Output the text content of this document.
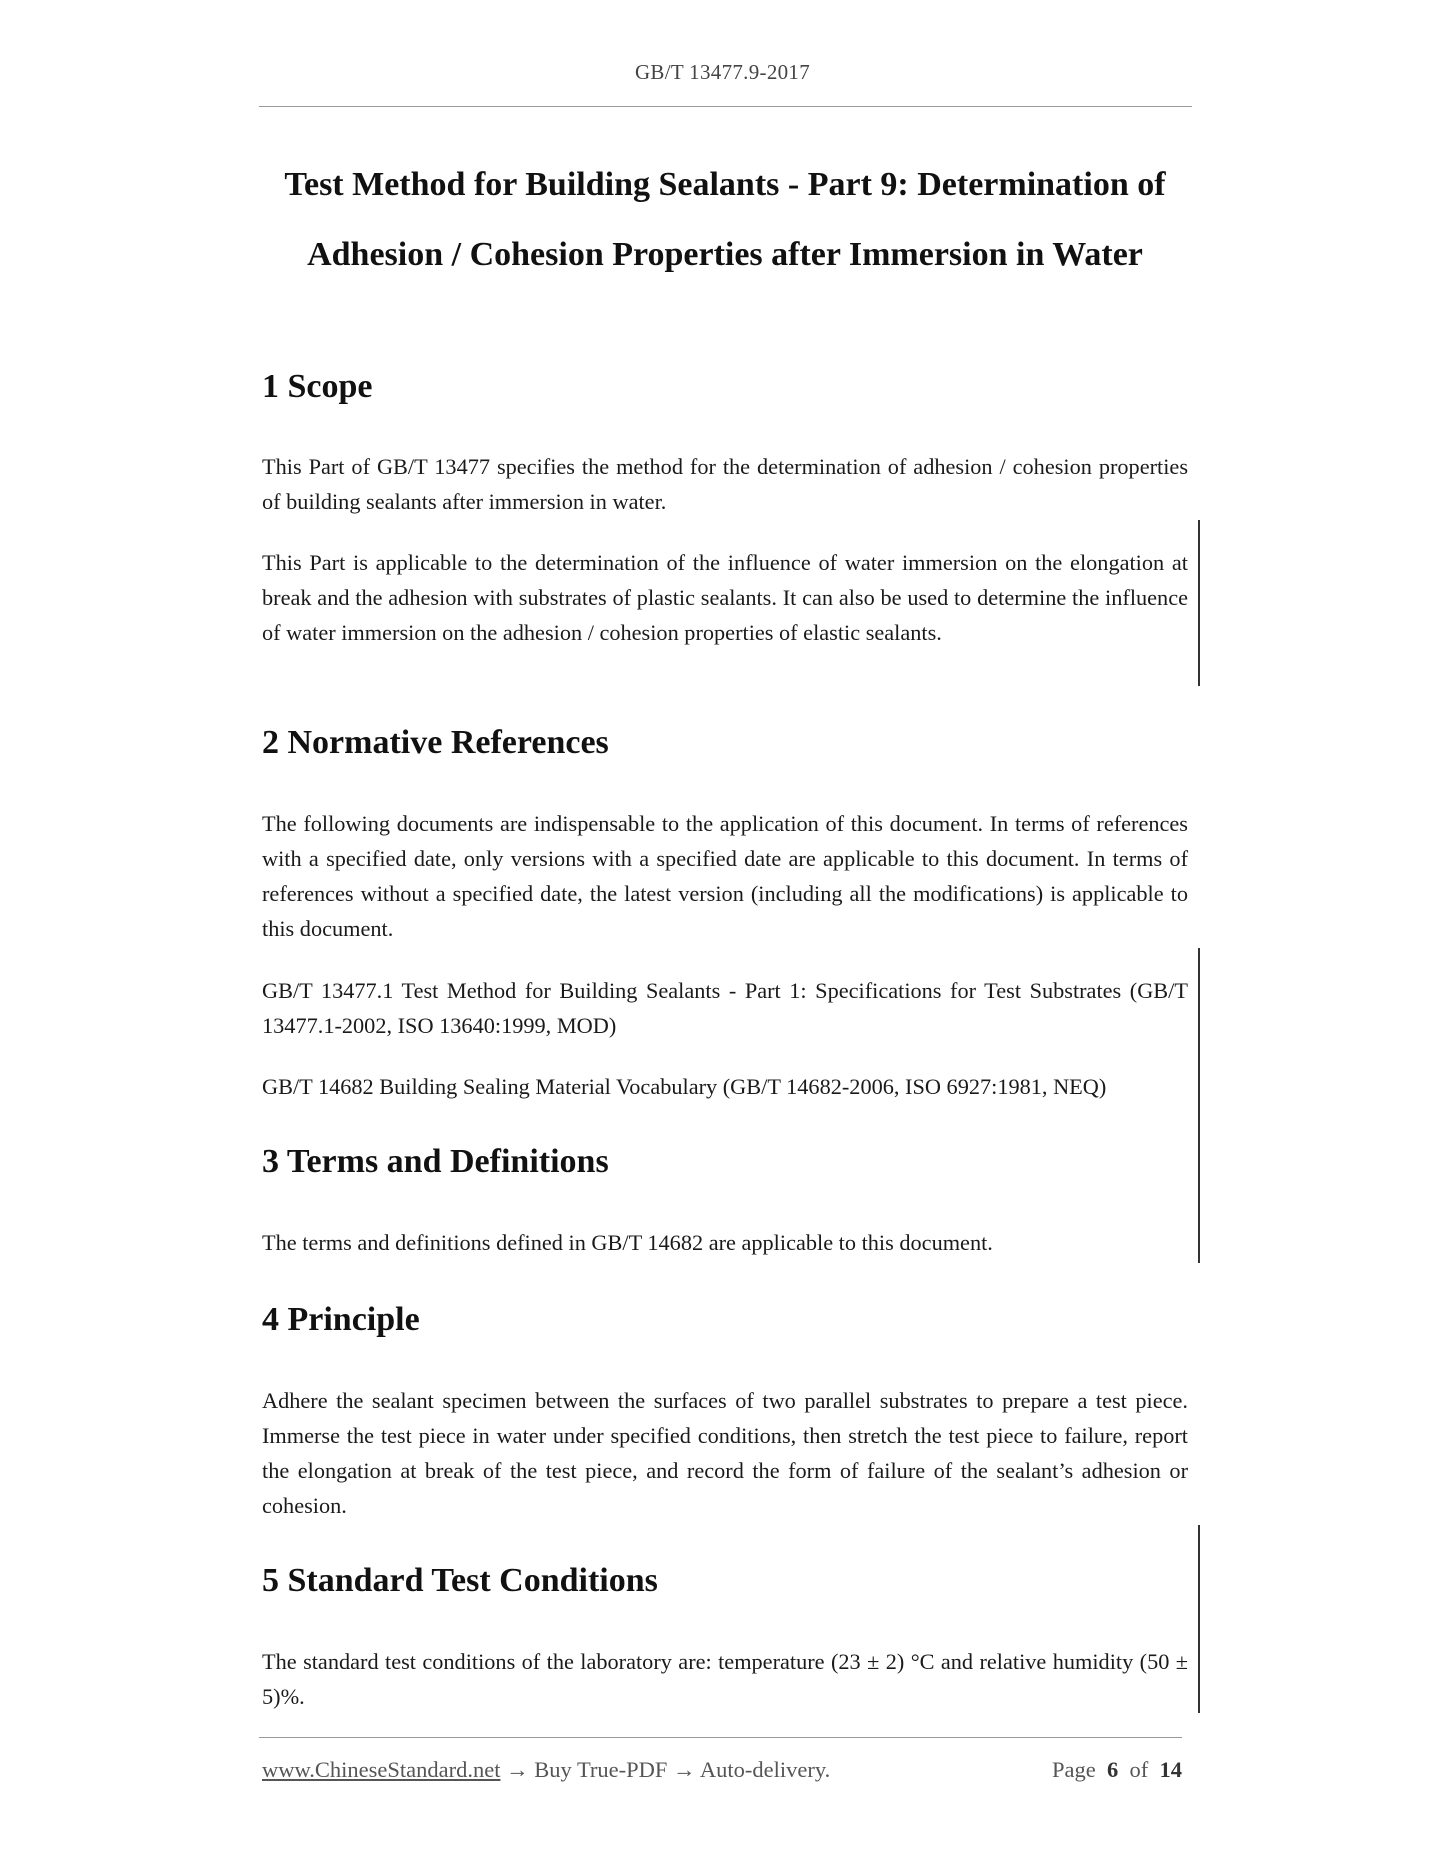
GB/T 13477.9-2017
Test Method for Building Sealants - Part 9: Determination of
Adhesion / Cohesion Properties after Immersion in Water
1 Scope

This Part of GB/T 13477 specifies the method for the determination of adhesion / cohesion properties of building sealants after immersion in water.

This Part is applicable to the determination of the influence of water immersion on the elongation at break and the adhesion with substrates of plastic sealants. It can also be used to determine the influence of water immersion on the adhesion / cohesion properties of elastic sealants.

2 Normative References

The following documents are indispensable to the application of this document. In terms of references with a specified date, only versions with a specified date are applicable to this document. In terms of references without a specified date, the latest version (including all the modifications) is applicable to this document.

GB/T 13477.1 Test Method for Building Sealants - Part 1: Specifications for Test Substrates (GB/T 13477.1-2002, ISO 13640:1999, MOD)

GB/T 14682 Building Sealing Material Vocabulary (GB/T 14682-2006, ISO 6927:1981, NEQ)

3 Terms and Definitions

The terms and definitions defined in GB/T 14682 are applicable to this document.

4 Principle

Adhere the sealant specimen between the surfaces of two parallel substrates to prepare a test piece. Immerse the test piece in water under specified conditions, then stretch the test piece to failure, report the elongation at break of the test piece, and record the form of failure of the sealant’s adhesion or cohesion.

5 Standard Test Conditions

The standard test conditions of the laboratory are: temperature (23 ± 2) °C and relative humidity (50 ± 5)%.

www.ChineseStandard.net → Buy True-PDF → Auto-delivery.	Page 6 of 14
